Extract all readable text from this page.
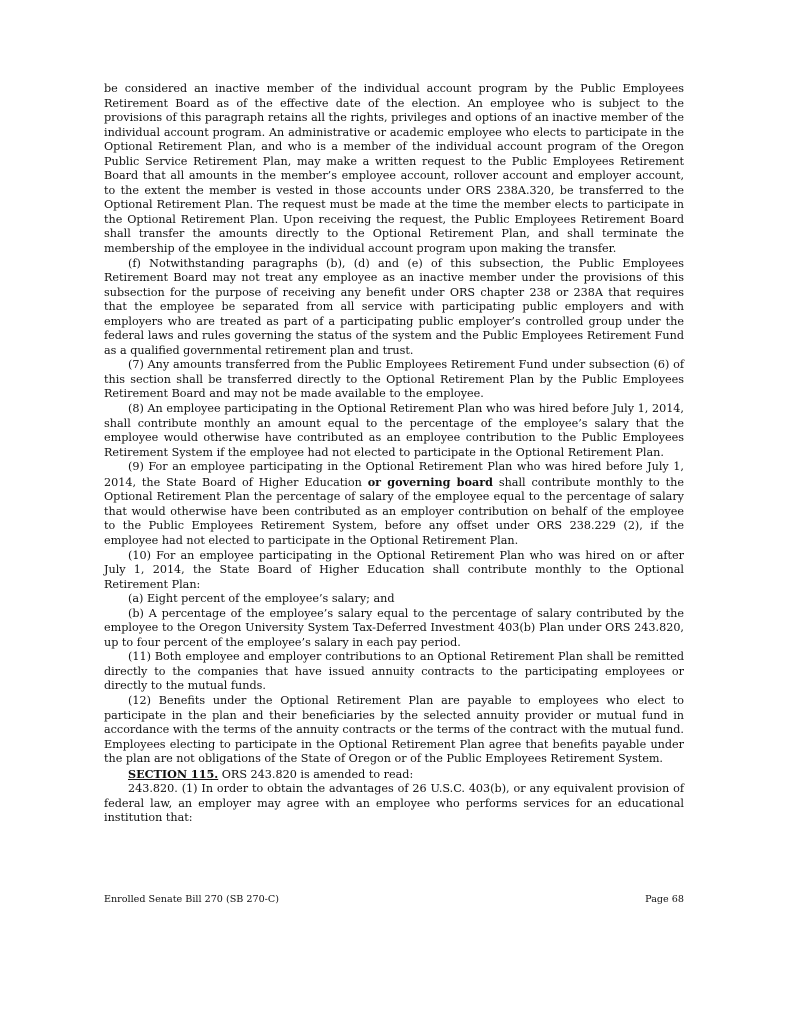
be considered an inactive member of the individual account program by the Public Employees Retirement Board as of the effective date of the election. An employee who is subject to the provisions of this paragraph retains all the rights, privileges and options of an inactive member of the individual account program. An administrative or academic employee who elects to participate in the Optional Retirement Plan, and who is a member of the individual account program of the Oregon Public Service Retirement Plan, may make a written request to the Public Employees Retirement Board that all amounts in the member’s employee account, rollover account and employer account, to the extent the member is vested in those accounts under ORS 238A.320, be transferred to the Optional Retirement Plan. The request must be made at the time the member elects to participate in the Optional Retirement Plan. Upon receiving the request, the Public Employees Retirement Board shall transfer the amounts directly to the Optional Retirement Plan, and shall terminate the membership of the employee in the individual account program upon making the transfer.

(f) Notwithstanding paragraphs (b), (d) and (e) of this subsection, the Public Employees Retirement Board may not treat any employee as an inactive member under the provisions of this subsection for the purpose of receiving any benefit under ORS chapter 238 or 238A that requires that the employee be separated from all service with participating public employers and with employers who are treated as part of a participating public employer’s controlled group under the federal laws and rules governing the status of the system and the Public Employees Retirement Fund as a qualified governmental retirement plan and trust.

(7) Any amounts transferred from the Public Employees Retirement Fund under subsection (6) of this section shall be transferred directly to the Optional Retirement Plan by the Public Employees Retirement Board and may not be made available to the employee.

(8) An employee participating in the Optional Retirement Plan who was hired before July 1, 2014, shall contribute monthly an amount equal to the percentage of the employee’s salary that the employee would otherwise have contributed as an employee contribution to the Public Employees Retirement System if the employee had not elected to participate in the Optional Retirement Plan.

(9) For an employee participating in the Optional Retirement Plan who was hired before July 1, 2014, the State Board of Higher Education or governing board shall contribute monthly to the Optional Retirement Plan the percentage of salary of the employee equal to the percentage of salary that would otherwise have been contributed as an employer contribution on behalf of the employee to the Public Employees Retirement System, before any offset under ORS 238.229 (2), if the employee had not elected to participate in the Optional Retirement Plan.

(10) For an employee participating in the Optional Retirement Plan who was hired on or after July 1, 2014, the State Board of Higher Education shall contribute monthly to the Optional Retirement Plan:

(a) Eight percent of the employee’s salary; and

(b) A percentage of the employee’s salary equal to the percentage of salary contributed by the employee to the Oregon University System Tax-Deferred Investment 403(b) Plan under ORS 243.820, up to four percent of the employee’s salary in each pay period.

(11) Both employee and employer contributions to an Optional Retirement Plan shall be remitted directly to the companies that have issued annuity contracts to the participating employees or directly to the mutual funds.

(12) Benefits under the Optional Retirement Plan are payable to employees who elect to participate in the plan and their beneficiaries by the selected annuity provider or mutual fund in accordance with the terms of the annuity contracts or the terms of the contract with the mutual fund. Employees electing to participate in the Optional Retirement Plan agree that benefits payable under the plan are not obligations of the State of Oregon or of the Public Employees Retirement System.

SECTION 115. ORS 243.820 is amended to read:

243.820. (1) In order to obtain the advantages of 26 U.S.C. 403(b), or any equivalent provision of federal law, an employer may agree with an employee who performs services for an educational institution that:

Enrolled Senate Bill 270 (SB 270-C)	Page 68
